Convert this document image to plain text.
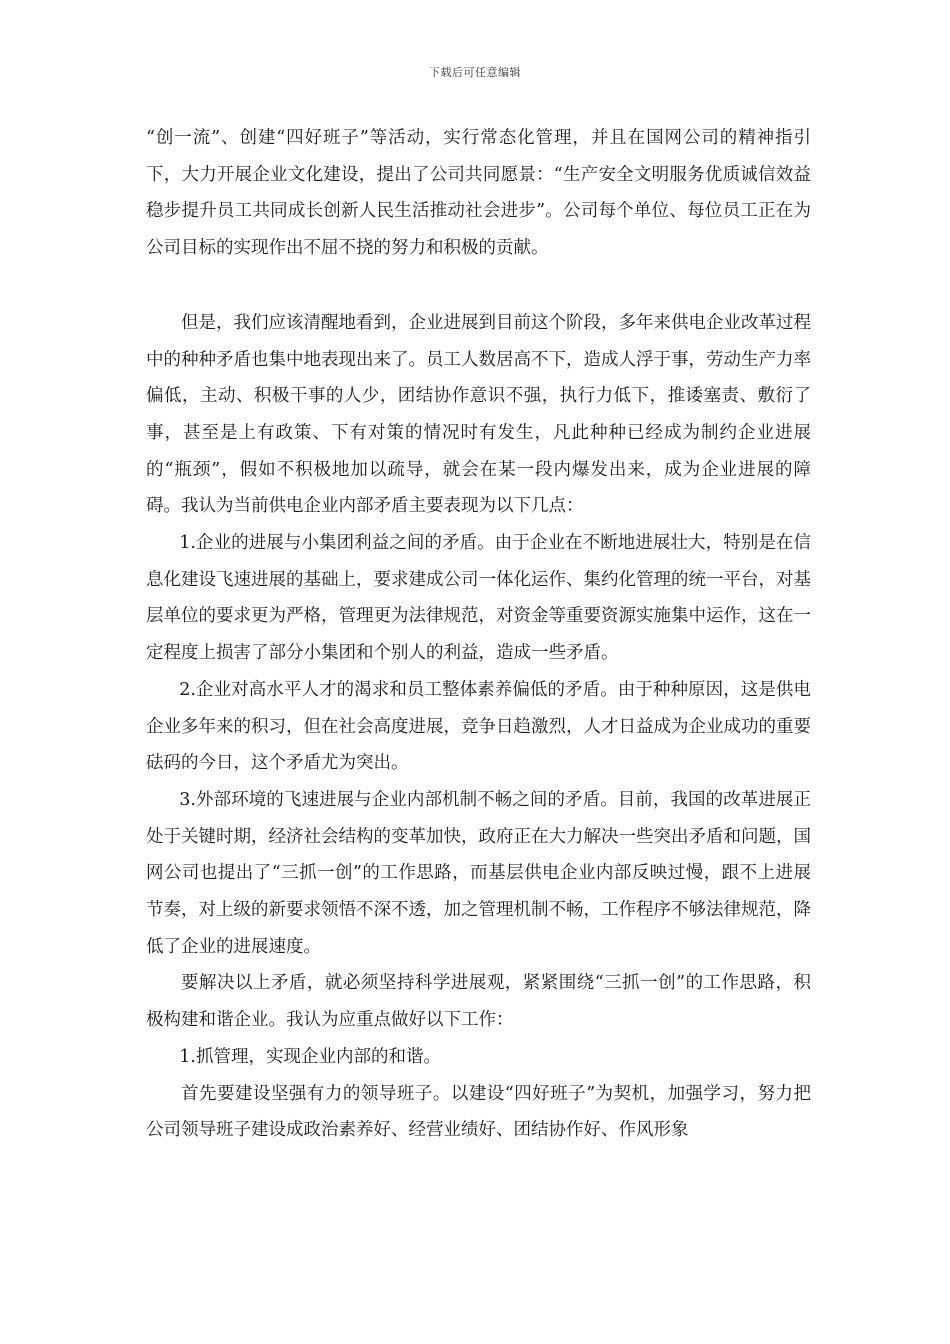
下载后可任意编辑

“创一流”、创建“四好班子”等活动，实行常态化管理，并且在国网公司的精神指引下，大力开展企业文化建设，提出了公司共同愿景：“生产安全文明服务优质诚信效益稳步提升员工共同成长创新人民生活推动社会进步”。公司每个单位、每位员工正在为公司目标的实现作出不屈不挠的努力和积极的贡献。

但是，我们应该清醒地看到，企业进展到目前这个阶段，多年来供电企业改革过程中的种种矛盾也集中地表现出来了。员工人数居高不下，造成人浮于事，劳动生产力率偏低，主动、积极干事的人少，团结协作意识不强，执行力低下，推诿塞责、敷衍了事，甚至是上有政策、下有对策的情况时有发生，凡此种种已经成为制约企业进展的“瓶颈”，假如不积极地加以疏导，就会在某一段内爆发出来，成为企业进展的障碍。我认为当前供电企业内部矛盾主要表现为以下几点：

1.企业的进展与小集团利益之间的矛盾。由于企业在不断地进展壮大，特别是在信息化建设飞速进展的基础上，要求建成公司一体化运作、集约化管理的统一平台，对基层单位的要求更为严格，管理更为法律规范，对资金等重要资源实施集中运作，这在一定程度上损害了部分小集团和个别人的利益，造成一些矛盾。

2.企业对高水平人才的渴求和员工整体素养偏低的矛盾。由于种种原因，这是供电企业多年来的积习，但在社会高度进展，竞争日趋激烈，人才日益成为企业成功的重要砝码的今日，这个矛盾尤为突出。

3.外部环境的飞速进展与企业内部机制不畅之间的矛盾。目前，我国的改革进展正处于关键时期，经济社会结构的变革加快，政府正在大力解决一些突出矛盾和问题，国网公司也提出了“三抓一创”的工作思路，而基层供电企业内部反映过慢，跟不上进展节奏，对上级的新要求领悟不深不透，加之管理机制不畅，工作程序不够法律规范，降低了企业的进展速度。

要解决以上矛盾，就必须坚持科学进展观，紧紧围绕“三抓一创”的工作思路，积极构建和谐企业。我认为应重点做好以下工作：

1.抓管理，实现企业内部的和谐。

首先要建设坚强有力的领导班子。以建设“四好班子”为契机，加强学习，努力把公司领导班子建设成政治素养好、经营业绩好、团结协作好、作风形象
